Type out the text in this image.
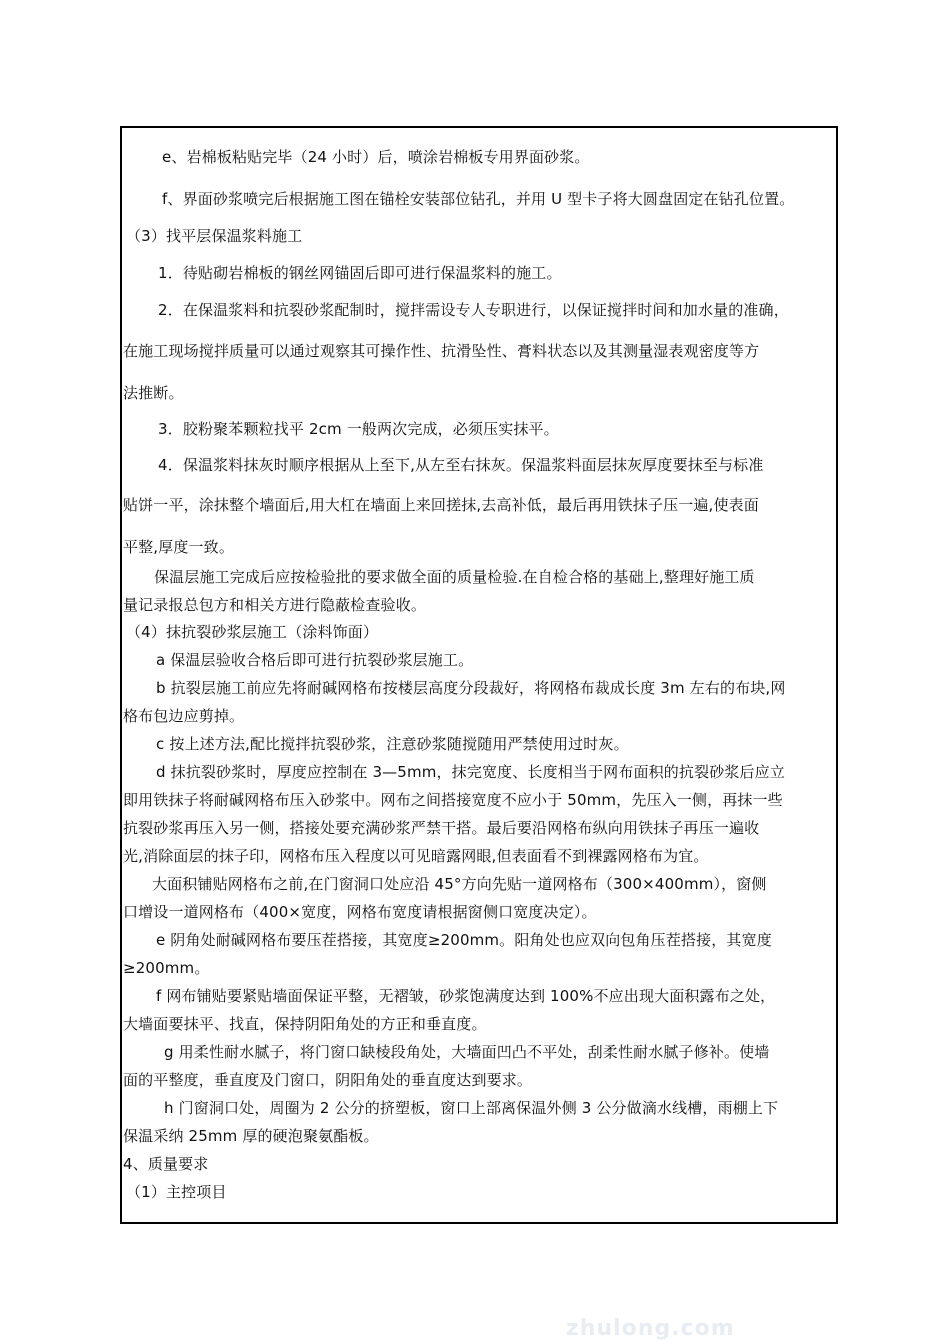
e、岩棉板粘贴完毕（24 小时）后，喷涂岩棉板专用界面砂浆。
f、界面砂浆喷完后根据施工图在锚栓安装部位钻孔，并用 U 型卡子将大圆盘固定在钻孔位置。
（3）找平层保温浆料施工
1．待贴砌岩棉板的钢丝网锚固后即可进行保温浆料的施工。
2．在保温浆料和抗裂砂浆配制时，搅拌需设专人专职进行，以保证搅拌时间和加水量的准确，
在施工现场搅拌质量可以通过观察其可操作性、抗滑坠性、膏料状态以及其测量湿表观密度等方
法推断。
3．胶粉聚苯颗粒找平 2cm 一般两次完成，必须压实抹平。
4．保温浆料抹灰时顺序根据从上至下,从左至右抹灰。保温浆料面层抹灰厚度要抹至与标准
贴饼一平，涂抹整个墙面后,用大杠在墙面上来回搓抹,去高补低，最后再用铁抹子压一遍,使表面
平整,厚度一致。
保温层施工完成后应按检验批的要求做全面的质量检验.在自检合格的基础上,整理好施工质
量记录报总包方和相关方进行隐蔽检查验收。
（4）抹抗裂砂浆层施工（涂料饰面）
a 保温层验收合格后即可进行抗裂砂浆层施工。
b 抗裂层施工前应先将耐碱网格布按楼层高度分段裁好，将网格布裁成长度 3m 左右的布块,网
格布包边应剪掉。
c 按上述方法,配比搅拌抗裂砂浆，注意砂浆随搅随用严禁使用过时灰。
d 抹抗裂砂浆时，厚度应控制在 3—5mm，抹完宽度、长度相当于网布面积的抗裂砂浆后应立
即用铁抹子将耐碱网格布压入砂浆中。网布之间搭接宽度不应小于 50mm，先压入一侧，再抹一些
抗裂砂浆再压入另一侧，搭接处要充满砂浆严禁干搭。最后要沿网格布纵向用铁抹子再压一遍收
光,消除面层的抹子印，网格布压入程度以可见暗露网眼,但表面看不到裸露网格布为宜。
大面积铺贴网格布之前,在门窗洞口处应沿 45°方向先贴一道网格布（300×400mm），窗侧
口增设一道网格布（400×宽度，网格布宽度请根据窗侧口宽度决定）。
e 阴角处耐碱网格布要压茬搭接，其宽度≥200mm。阳角处也应双向包角压茬搭接，其宽度
≥200mm。
f 网布铺贴要紧贴墙面保证平整，无褶皱，砂浆饱满度达到 100%不应出现大面积露布之处，
大墙面要抹平、找直，保持阴阳角处的方正和垂直度。
g 用柔性耐水腻子，将门窗口缺棱段角处，大墙面凹凸不平处，刮柔性耐水腻子修补。使墙
面的平整度，垂直度及门窗口，阴阳角处的垂直度达到要求。
h 门窗洞口处，周圈为 2 公分的挤塑板，窗口上部离保温外侧 3 公分做滴水线槽，雨棚上下
保温采纳 25mm 厚的硬泡聚氨酯板。
4、质量要求
（1）主控项目
zhulong.com
